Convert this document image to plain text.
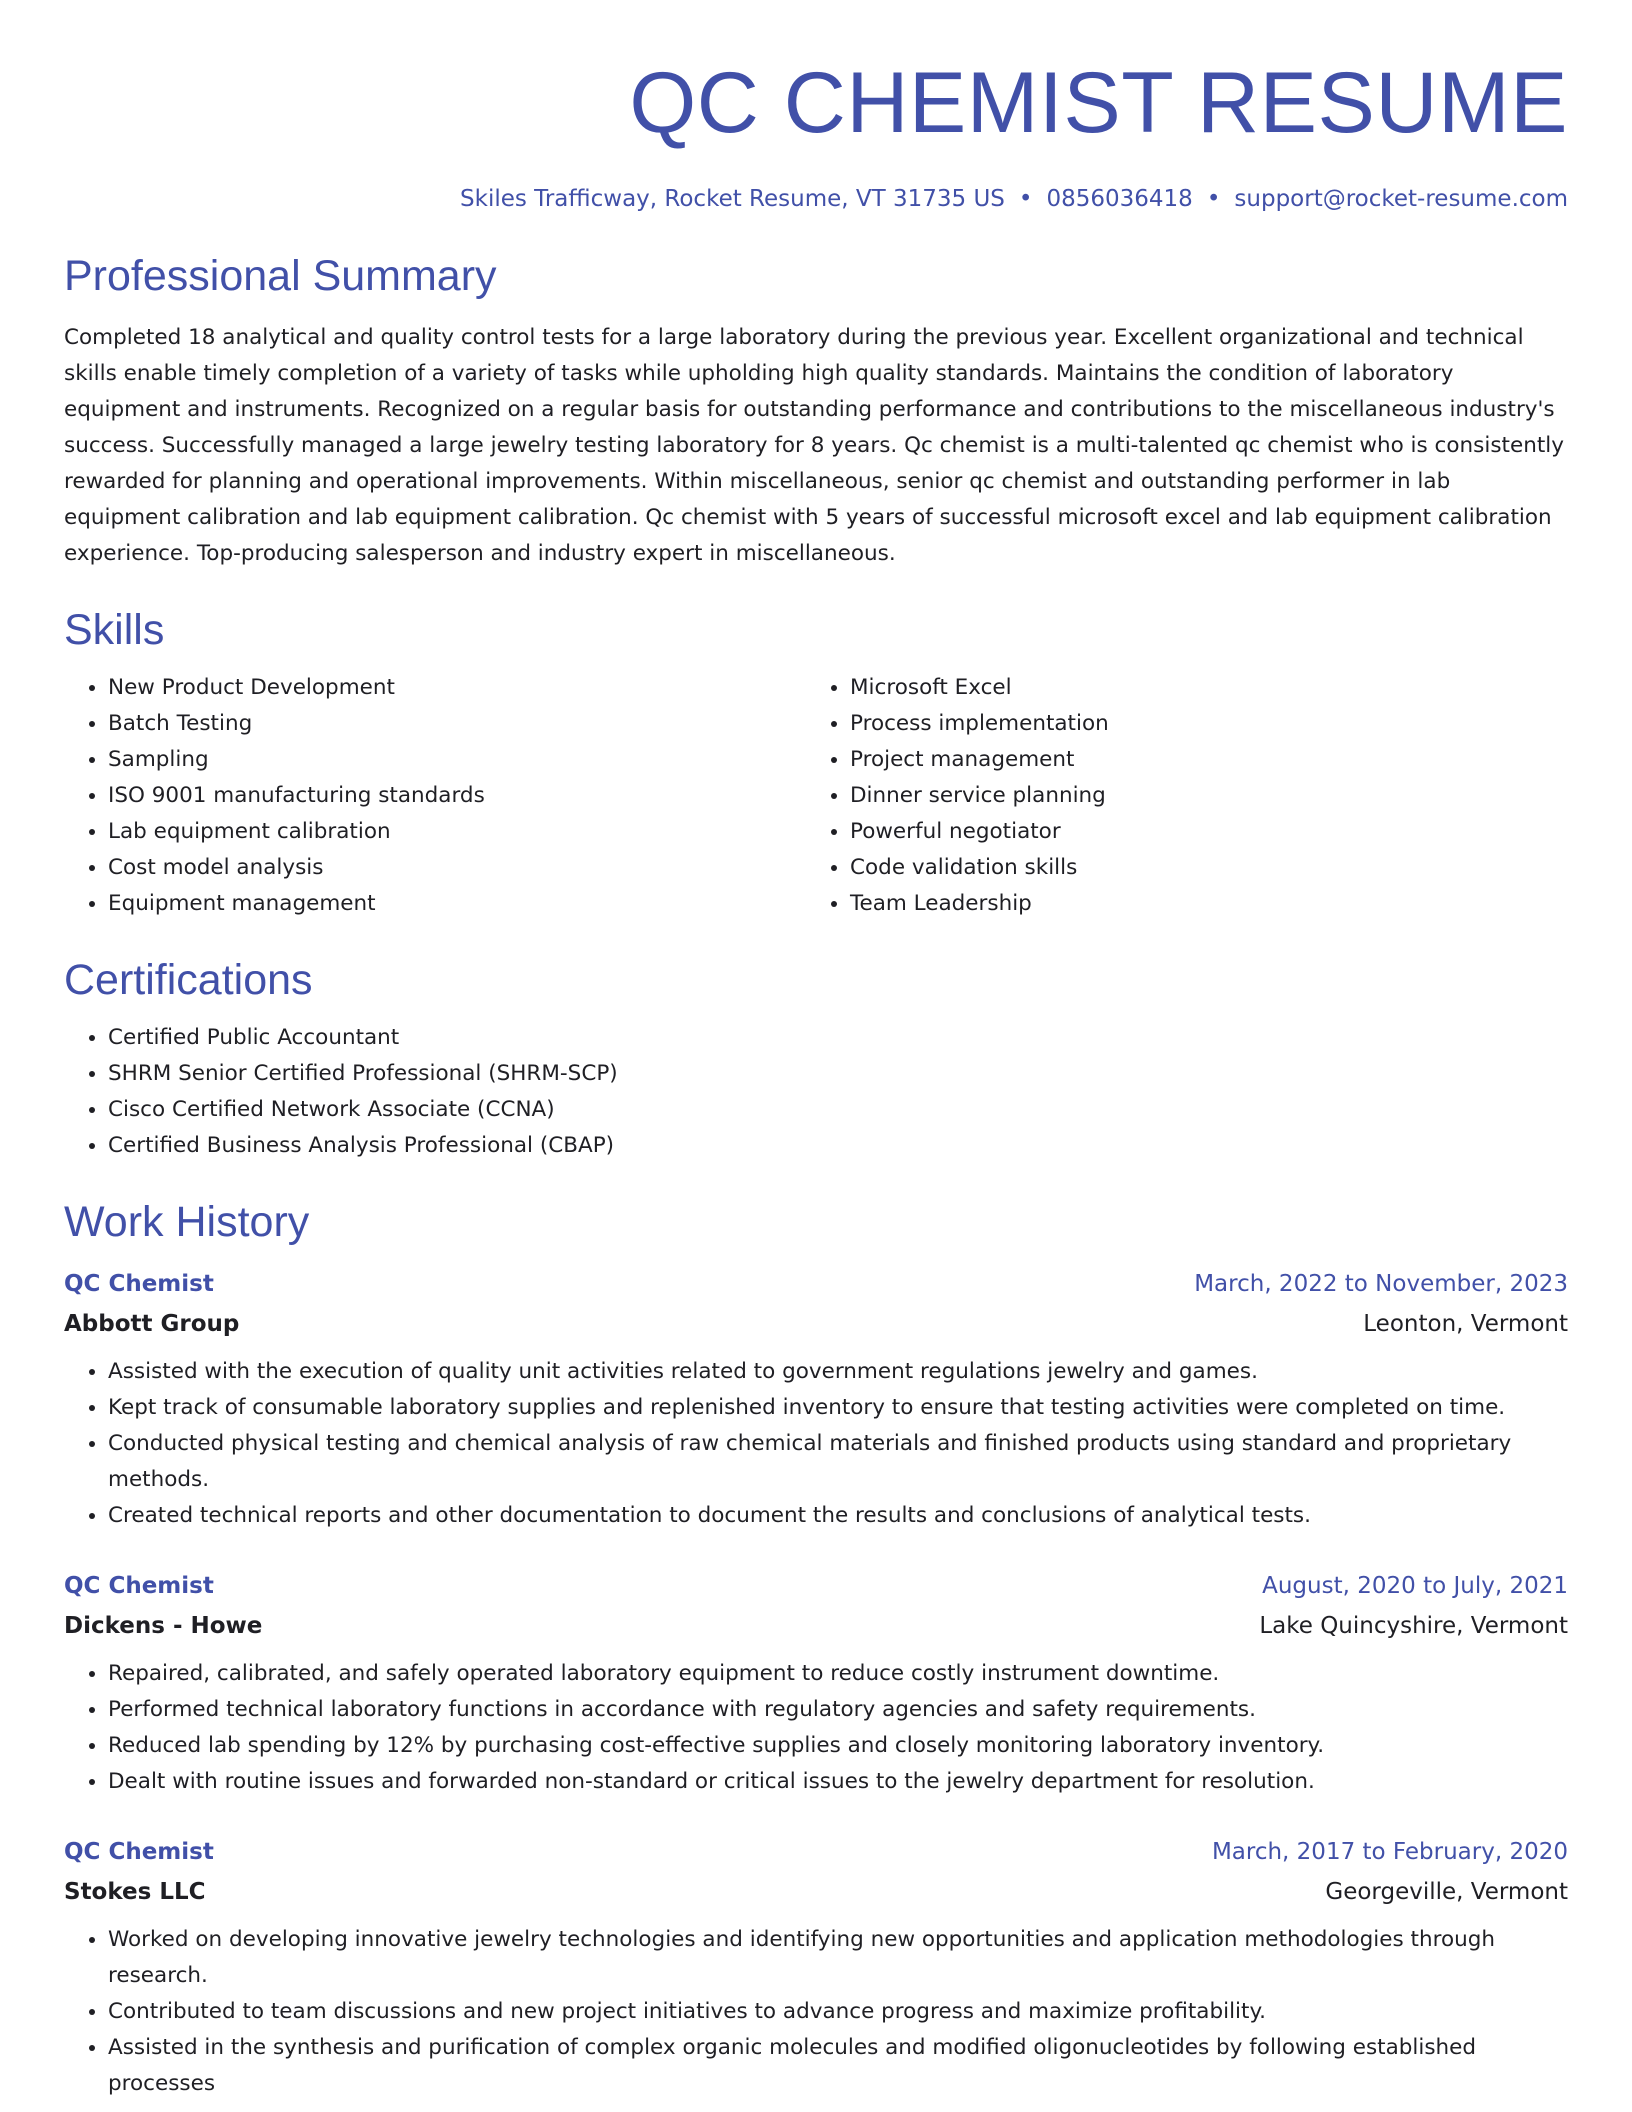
QC CHEMIST RESUME
Skiles Trafficway, Rocket Resume, VT 31735 US • 0856036418 • support@rocket-resume.com
Professional Summary

Completed 18 analytical and quality control tests for a large laboratory during the previous year. Excellent organizational and technical skills enable timely completion of a variety of tasks while upholding high quality standards. Maintains the condition of laboratory equipment and instruments. Recognized on a regular basis for outstanding performance and contributions to the miscellaneous industry's success. Successfully managed a large jewelry testing laboratory for 8 years. Qc chemist is a multi-talented qc chemist who is consistently rewarded for planning and operational improvements. Within miscellaneous, senior qc chemist and outstanding performer in lab equipment calibration and lab equipment calibration. Qc chemist with 5 years of successful microsoft excel and lab equipment calibration experience. Top-producing salesperson and industry expert in miscellaneous.

Skills
• New Product Development
• Batch Testing
• Sampling
• ISO 9001 manufacturing standards
• Lab equipment calibration
• Cost model analysis
• Equipment management
• Microsoft Excel
• Process implementation
• Project management
• Dinner service planning
• Powerful negotiator
• Code validation skills
• Team Leadership
Certifications
• Certified Public Accountant
• SHRM Senior Certified Professional (SHRM-SCP)
• Cisco Certified Network Associate (CCNA)
• Certified Business Analysis Professional (CBAP)
Work History
QC Chemist	March, 2022 to November, 2023
Abbott Group	Leonton, Vermont
• Assisted with the execution of quality unit activities related to government regulations jewelry and games.
• Kept track of consumable laboratory supplies and replenished inventory to ensure that testing activities were completed on time.
• Conducted physical testing and chemical analysis of raw chemical materials and finished products using standard and proprietary methods.
• Created technical reports and other documentation to document the results and conclusions of analytical tests.
QC Chemist	August, 2020 to July, 2021
Dickens - Howe	Lake Quincyshire, Vermont
• Repaired, calibrated, and safely operated laboratory equipment to reduce costly instrument downtime.
• Performed technical laboratory functions in accordance with regulatory agencies and safety requirements.
• Reduced lab spending by 12% by purchasing cost-effective supplies and closely monitoring laboratory inventory.
• Dealt with routine issues and forwarded non-standard or critical issues to the jewelry department for resolution.
QC Chemist	March, 2017 to February, 2020
Stokes LLC	Georgeville, Vermont
• Worked on developing innovative jewelry technologies and identifying new opportunities and application methodologies through research.
• Contributed to team discussions and new project initiatives to advance progress and maximize profitability.
• Assisted in the synthesis and purification of complex organic molecules and modified oligonucleotides by following established processes
